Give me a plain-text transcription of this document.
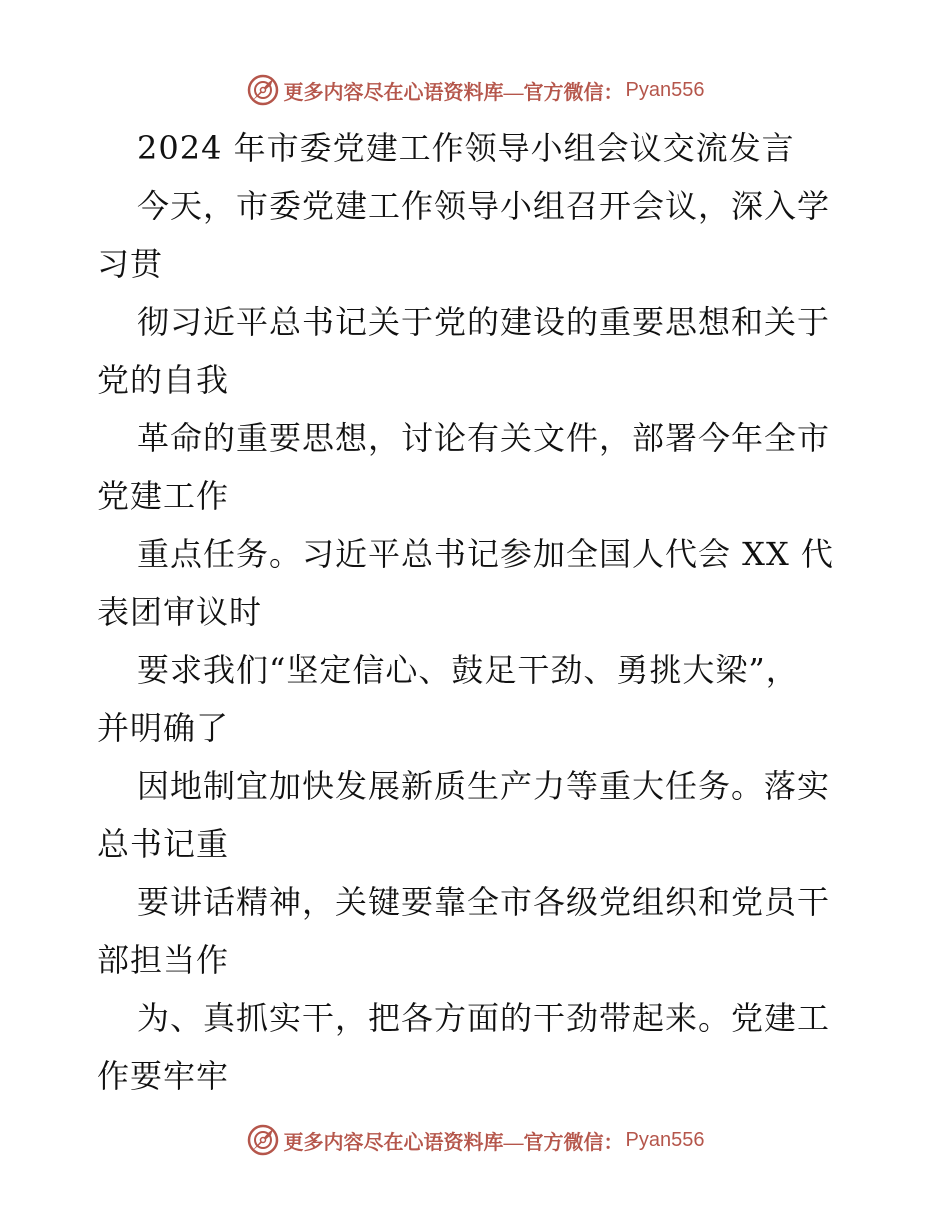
更多内容尽在心语资料库—官方微信： Pyan556
2024 年市委党建工作领导小组会议交流发言
今天，市委党建工作领导小组召开会议，深入学
习贯
彻习近平总书记关于党的建设的重要思想和关于
党的自我
革命的重要思想，讨论有关文件，部署今年全市
党建工作
重点任务。习近平总书记参加全国人代会 XX 代
表团审议时
要求我们“坚定信心、鼓足干劲、勇挑大梁”，
并明确了
因地制宜加快发展新质生产力等重大任务。落实
总书记重
要讲话精神，关键要靠全市各级党组织和党员干
部担当作
为、真抓实干，把各方面的干劲带起来。党建工
作要牢牢
更多内容尽在心语资料库—官方微信： Pyan556
